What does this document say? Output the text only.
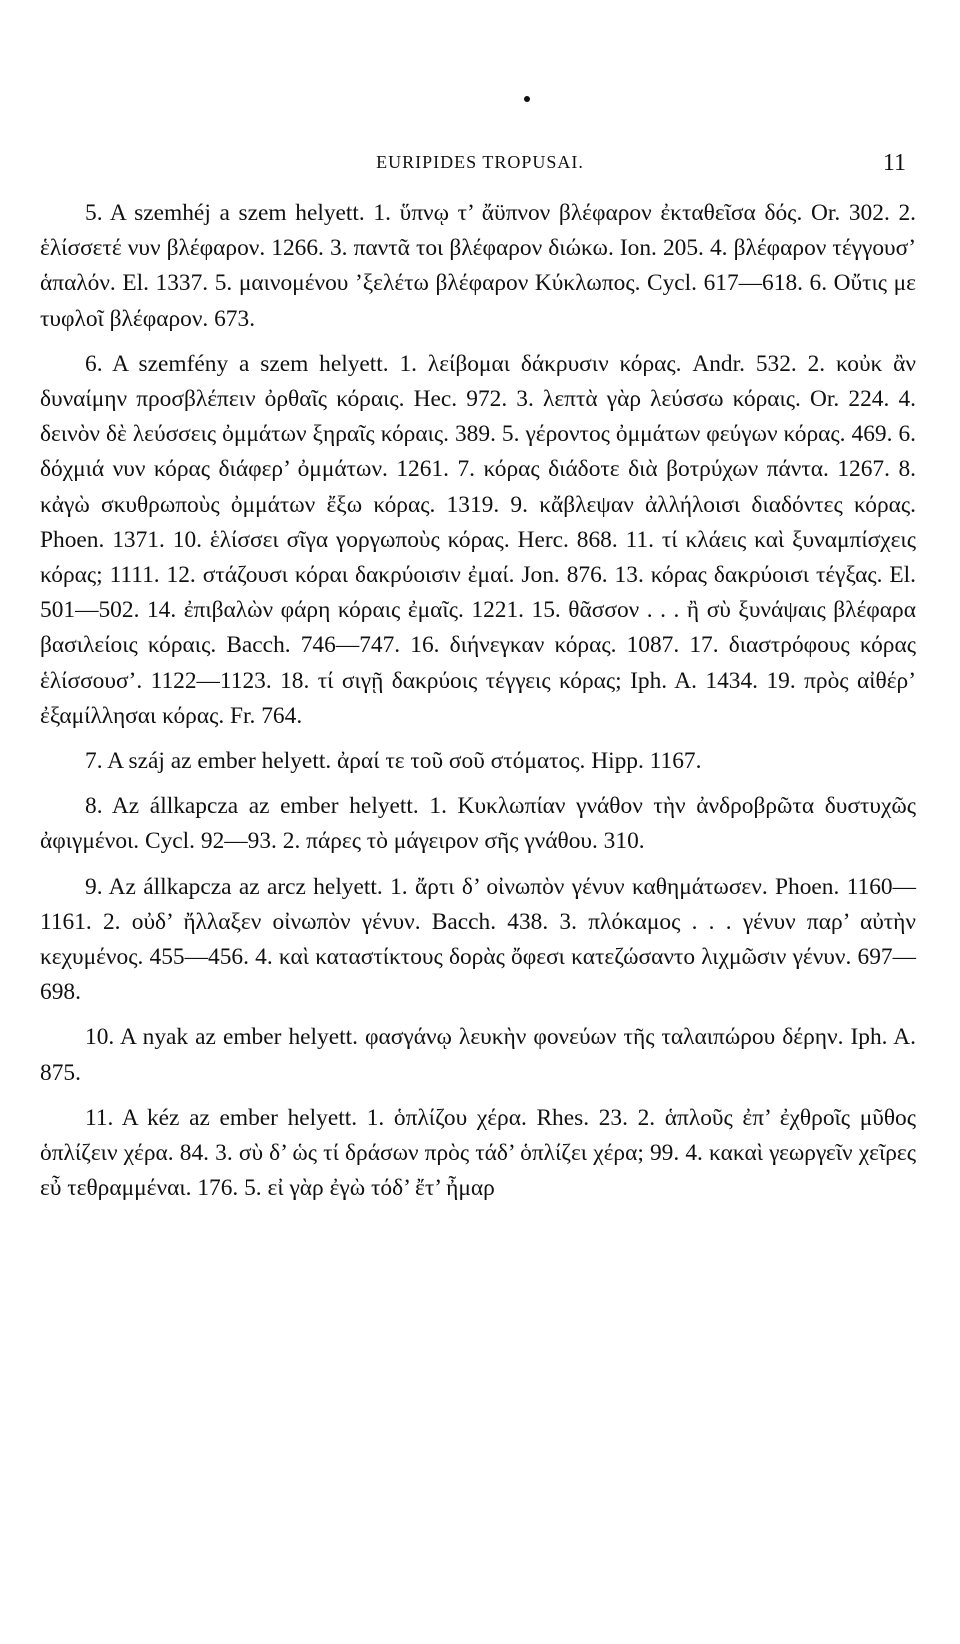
EURIPIDES TROPUSAI.	11

5. A szemhéj a szem helyett. 1. ὕπνῳ τ’ ἄϋπνον βλέφαρον ἐκταθεῖσα δός. Or. 302. 2. ἑλίσσετέ νυν βλέφαρον. 1266. 3. παντᾶ τοι βλέφαρον διώκω. Ion. 205. 4. βλέφαρον τέγγουσ’ ἁπαλόν. El. 1337. 5. μαινομένου ’ξελέτω βλέφαρον Κύκλωπος. Cycl. 617—618. 6. Οὔτις με τυφλοῖ βλέφαρον. 673.

6. A szemfény a szem helyett. 1. λείβομαι δάκρυσιν κόρας. Andr. 532. 2. κοὐκ ἂν δυναίμην προσβλέπειν ὀρθαῖς κόραις. Hec. 972. 3. λεπτὰ γὰρ λεύσσω κόραις. Or. 224. 4. δεινὸν δὲ λεύσσεις ὀμμάτων ξηραῖς κόραις. 389. 5. γέροντος ὀμμάτων φεύγων κόρας. 469. 6. δόχμιά νυν κόρας διάφερ’ ὀμμάτων. 1261. 7. κόρας διάδοτε διὰ βοτρύχων πάντα. 1267. 8. κἀγὼ σκυθρωποὺς ὀμμάτων ἔξω κόρας. 1319. 9. κἄβλεψαν ἀλλήλοισι διαδόντες κόρας. Phoen. 1371. 10. ἑλίσσει σῖγα γοργωποὺς κόρας. Herc. 868. 11. τί κλάεις καὶ ξυναμπίσχεις κόρας; 1111. 12. στάζουσι κόραι δακρύοισιν ἐμαί. Jon. 876. 13. κόρας δακρύοισι τέγξας. El. 501—502. 14. ἐπιβαλὼν φάρη κόραις ἐμαῖς. 1221. 15. θᾶσσον . . . ἢ σὺ ξυνάψαις βλέφαρα βασιλείοις κόραις. Bacch. 746—747. 16. διήνεγκαν κόρας. 1087. 17. διαστρόφους κόρας ἑλίσσουσ’. 1122—1123. 18. τί σιγῇ δακρύοις τέγγεις κόρας; Iph. A. 1434. 19. πρὸς αἰθέρ’ ἐξαμίλλησαι κόρας. Fr. 764.

7. A száj az ember helyett. ἀραί τε τοῦ σοῦ στόματος. Hipp. 1167.

8. Az állkapcza az ember helyett. 1. Κυκλωπίαν γνάθον τὴν ἀνδροβρῶτα δυστυχῶς ἀφιγμένοι. Cycl. 92—93. 2. πάρες τὸ μάγειρον σῆς γνάθου. 310.

9. Az állkapcza az arcz helyett. 1. ἄρτι δ’ οἰνωπὸν γένυν καθημάτωσεν. Phoen. 1160—1161. 2. οὐδ’ ἤλλαξεν οἰνωπὸν γένυν. Bacch. 438. 3. πλόκαμος . . . γένυν παρ’ αὐτὴν κεχυμένος. 455—456. 4. καὶ καταστίκτους δορὰς ὄφεσι κατεζώσαντο λιχμῶσιν γένυν. 697—698.

10. A nyak az ember helyett. φασγάνῳ λευκὴν φονεύων τῆς ταλαιπώρου δέρην. Iph. A. 875.

11. A kéz az ember helyett. 1. ὁπλίζου χέρα. Rhes. 23. 2. ἁπλοῦς ἐπ’ ἐχθροῖς μῦθος ὁπλίζειν χέρα. 84. 3. σὺ δ’ ὡς τί δράσων πρὸς τάδ’ ὁπλίζει χέρα; 99. 4. κακαὶ γεωργεῖν χεῖρες εὖ τεθραμμέναι. 176. 5. εἰ γὰρ ἐγὼ τόδ’ ἔτ’ ἦμαρ
